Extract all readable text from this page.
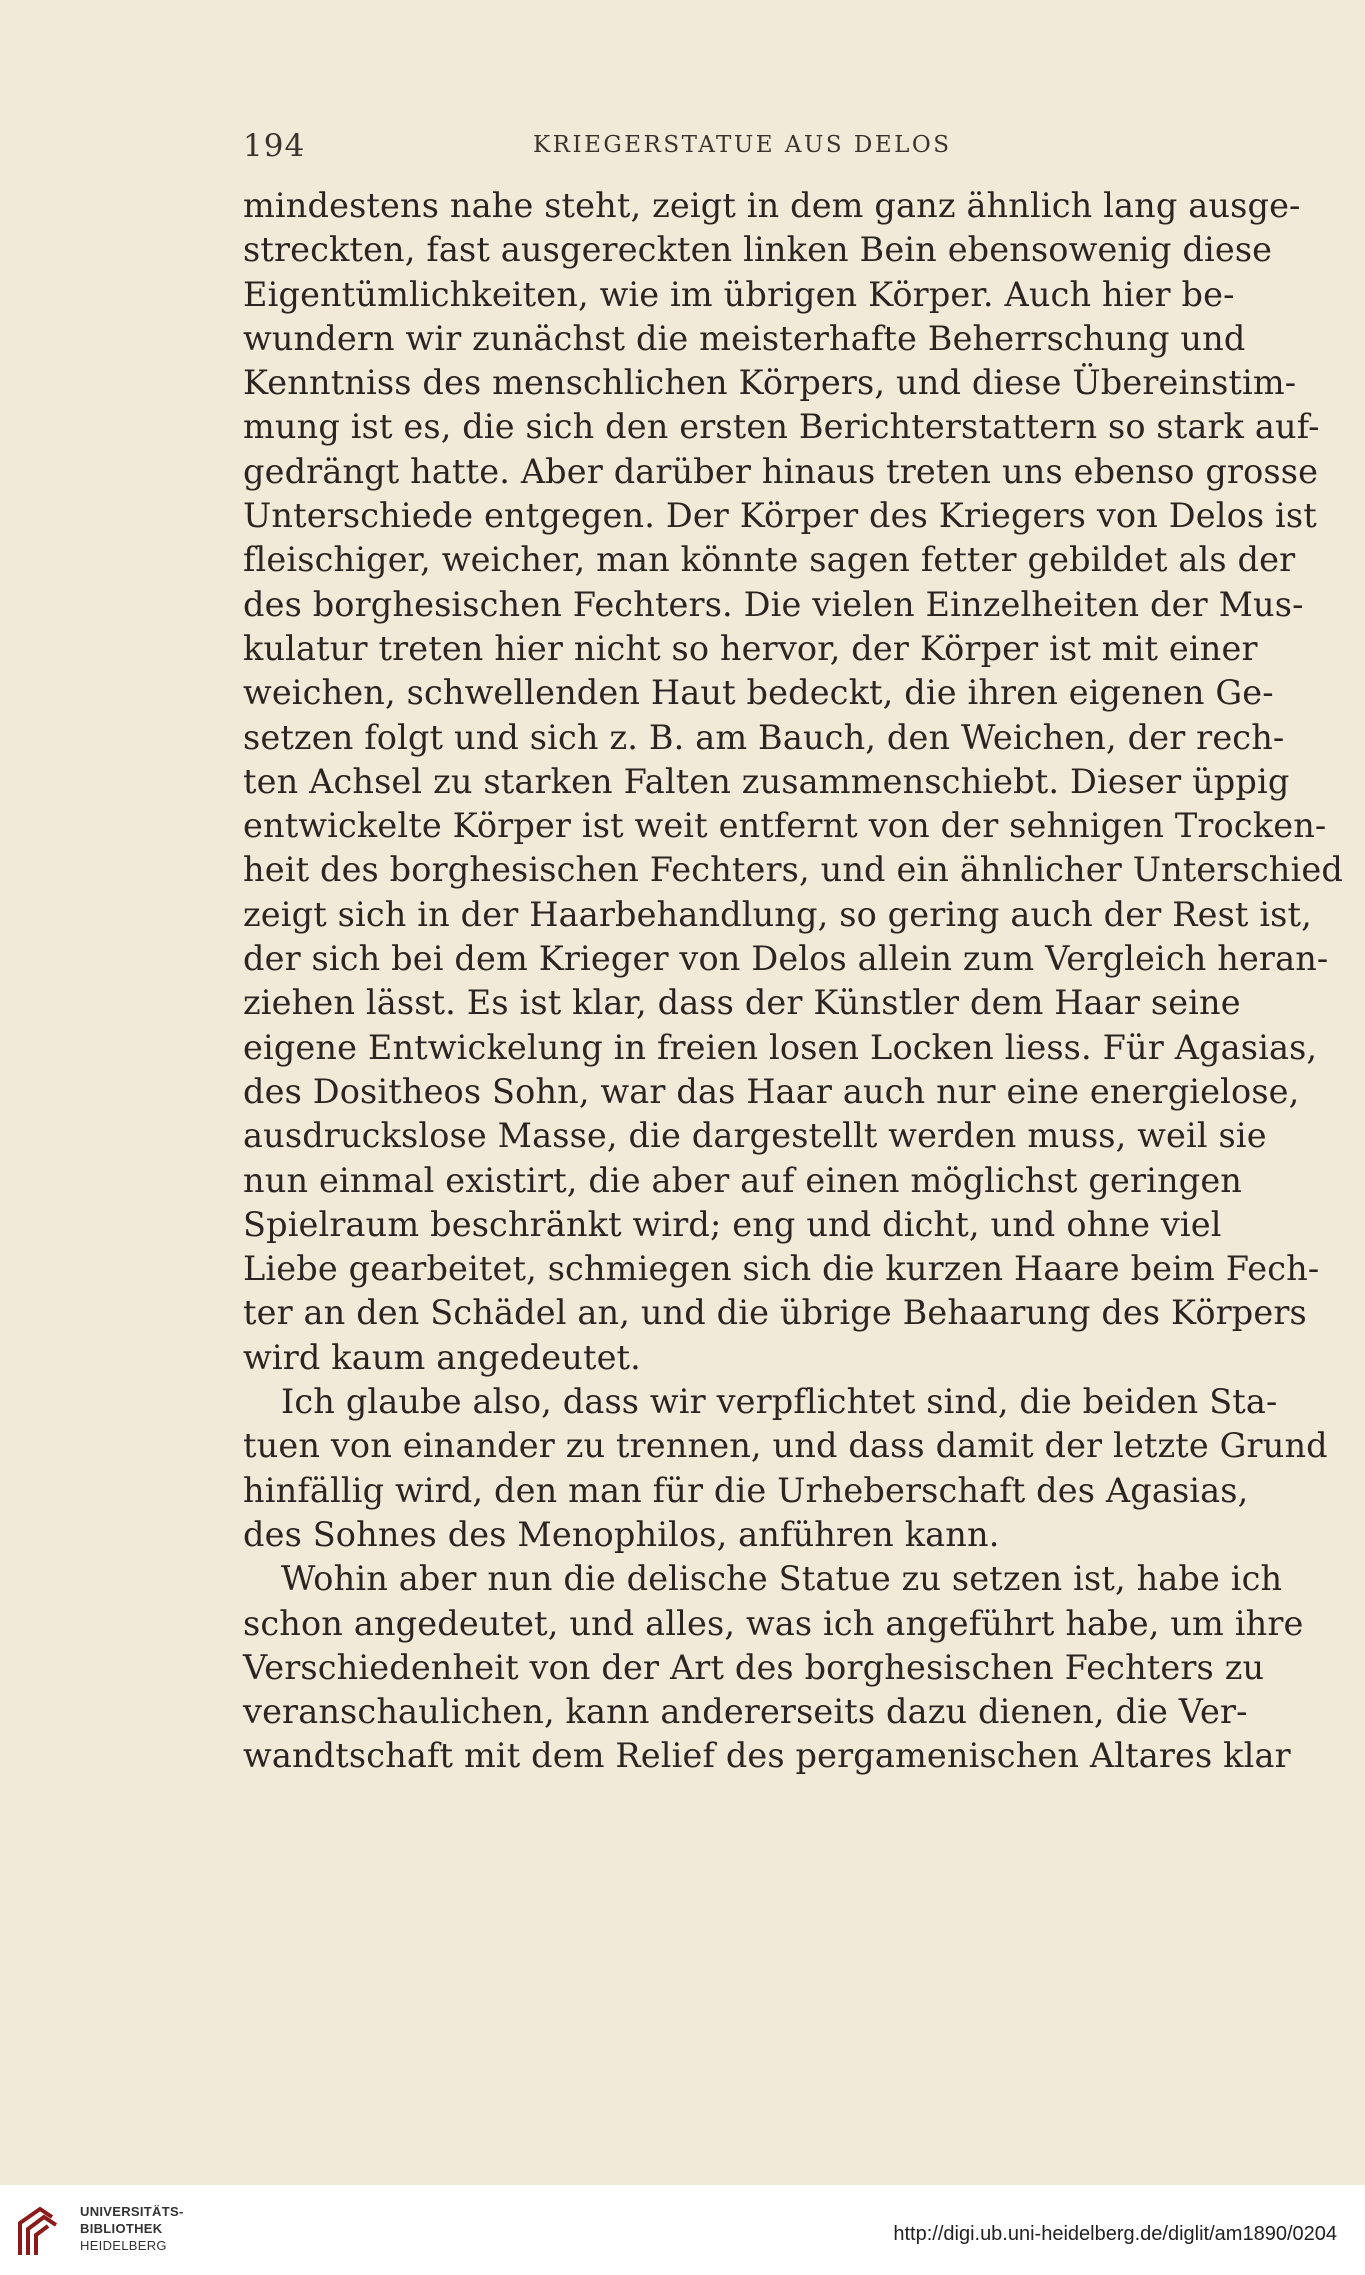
194	KRIEGERSTATUE AUS DELOS
mindestens nahe steht, zeigt in dem ganz ähnlich lang ausge-
streckten, fast ausgereckten linken Bein ebensowenig diese
Eigentümlichkeiten, wie im übrigen Körper. Auch hier be-
wundern wir zunächst die meisterhafte Beherrschung und
Kenntniss des menschlichen Körpers, und diese Übereinstim-
mung ist es, die sich den ersten Berichterstattern so stark auf-
gedrängt hatte. Aber darüber hinaus treten uns ebenso grosse
Unterschiede entgegen. Der Körper des Kriegers von Delos ist
fleischiger, weicher, man könnte sagen fetter gebildet als der
des borghesischen Fechters. Die vielen Einzelheiten der Mus-
kulatur treten hier nicht so hervor, der Körper ist mit einer
weichen, schwellenden Haut bedeckt, die ihren eigenen Ge-
setzen folgt und sich z. B. am Bauch, den Weichen, der rech-
ten Achsel zu starken Falten zusammenschiebt. Dieser üppig
entwickelte Körper ist weit entfernt von der sehnigen Trocken-
heit des borghesischen Fechters, und ein ähnlicher Unterschied
zeigt sich in der Haarbehandlung, so gering auch der Rest ist,
der sich bei dem Krieger von Delos allein zum Vergleich heran-
ziehen lässt. Es ist klar, dass der Künstler dem Haar seine
eigene Entwickelung in freien losen Locken liess. Für Agasias,
des Dositheos Sohn, war das Haar auch nur eine energielose,
ausdruckslose Masse, die dargestellt werden muss, weil sie
nun einmal existirt, die aber auf einen möglichst geringen
Spielraum beschränkt wird; eng und dicht, und ohne viel
Liebe gearbeitet, schmiegen sich die kurzen Haare beim Fech-
ter an den Schädel an, und die übrige Behaarung des Körpers
wird kaum angedeutet.
Ich glaube also, dass wir verpflichtet sind, die beiden Sta-
tuen von einander zu trennen, und dass damit der letzte Grund
hinfällig wird, den man für die Urheberschaft des Agasias,
des Sohnes des Menophilos, anführen kann.
Wohin aber nun die delische Statue zu setzen ist, habe ich
schon angedeutet, und alles, was ich angeführt habe, um ihre
Verschiedenheit von der Art des borghesischen Fechters zu
veranschaulichen, kann andererseits dazu dienen, die Ver-
wandtschaft mit dem Relief des pergamenischen Altares klar
UNIVERSITÄTS-
BIBLIOTHEK
HEIDELBERG
http://digi.ub.uni-heidelberg.de/diglit/am1890/0204
